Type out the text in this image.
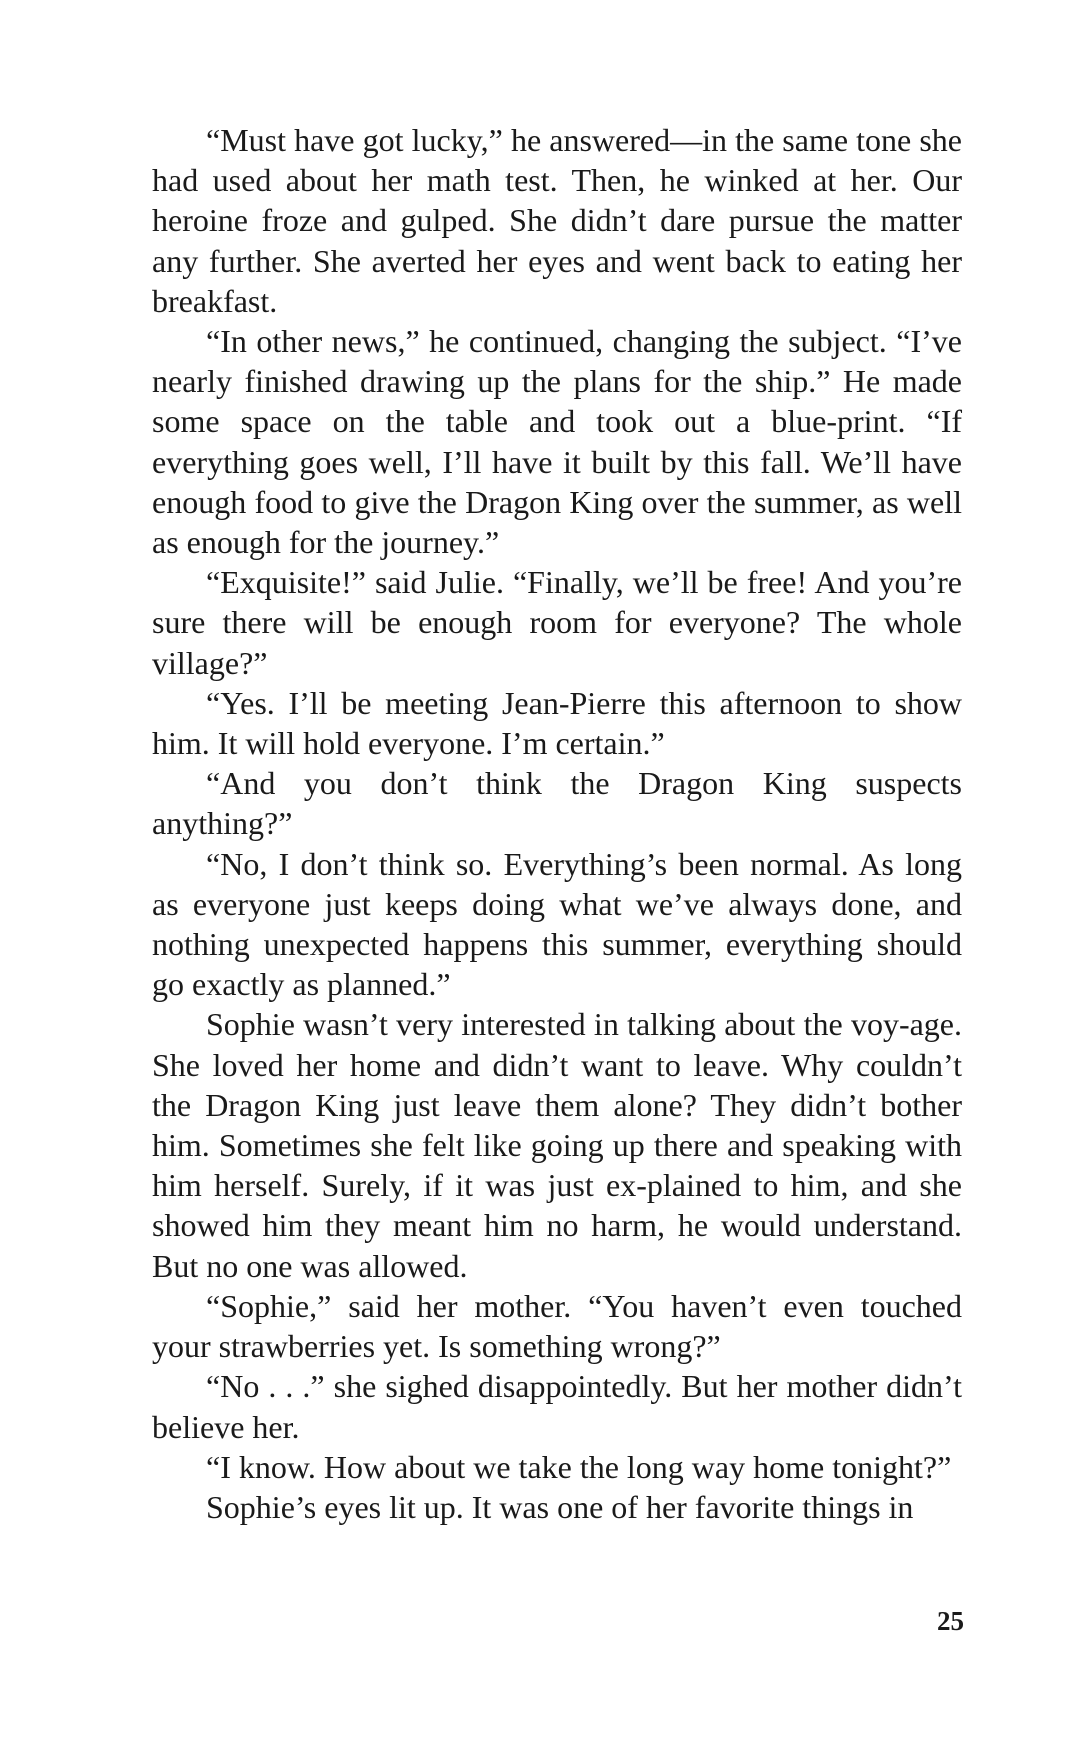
“Must have got lucky,” he answered—in the same tone she had used about her math test. Then, he winked at her. Our heroine froze and gulped. She didn’t dare pursue the matter any further. She averted her eyes and went back to eating her breakfast.

“In other news,” he continued, changing the subject. “I’ve nearly finished drawing up the plans for the ship.” He made some space on the table and took out a blue-print. “If everything goes well, I’ll have it built by this fall. We’ll have enough food to give the Dragon King over the summer, as well as enough for the journey.”

“Exquisite!” said Julie. “Finally, we’ll be free! And you’re sure there will be enough room for everyone? The whole village?”

“Yes. I’ll be meeting Jean-Pierre this afternoon to show him. It will hold everyone. I’m certain.”

“And you don’t think the Dragon King suspects anything?”

“No, I don’t think so. Everything’s been normal. As long as everyone just keeps doing what we’ve always done, and nothing unexpected happens this summer, everything should go exactly as planned.”

Sophie wasn’t very interested in talking about the voy-age. She loved her home and didn’t want to leave. Why couldn’t the Dragon King just leave them alone? They didn’t bother him. Sometimes she felt like going up there and speaking with him herself. Surely, if it was just ex-plained to him, and she showed him they meant him no harm, he would understand. But no one was allowed.

“Sophie,” said her mother. “You haven’t even touched your strawberries yet. Is something wrong?”

“No . . .” she sighed disappointedly. But her mother didn’t believe her.

“I know. How about we take the long way home tonight?”

Sophie’s eyes lit up. It was one of her favorite things in

25
